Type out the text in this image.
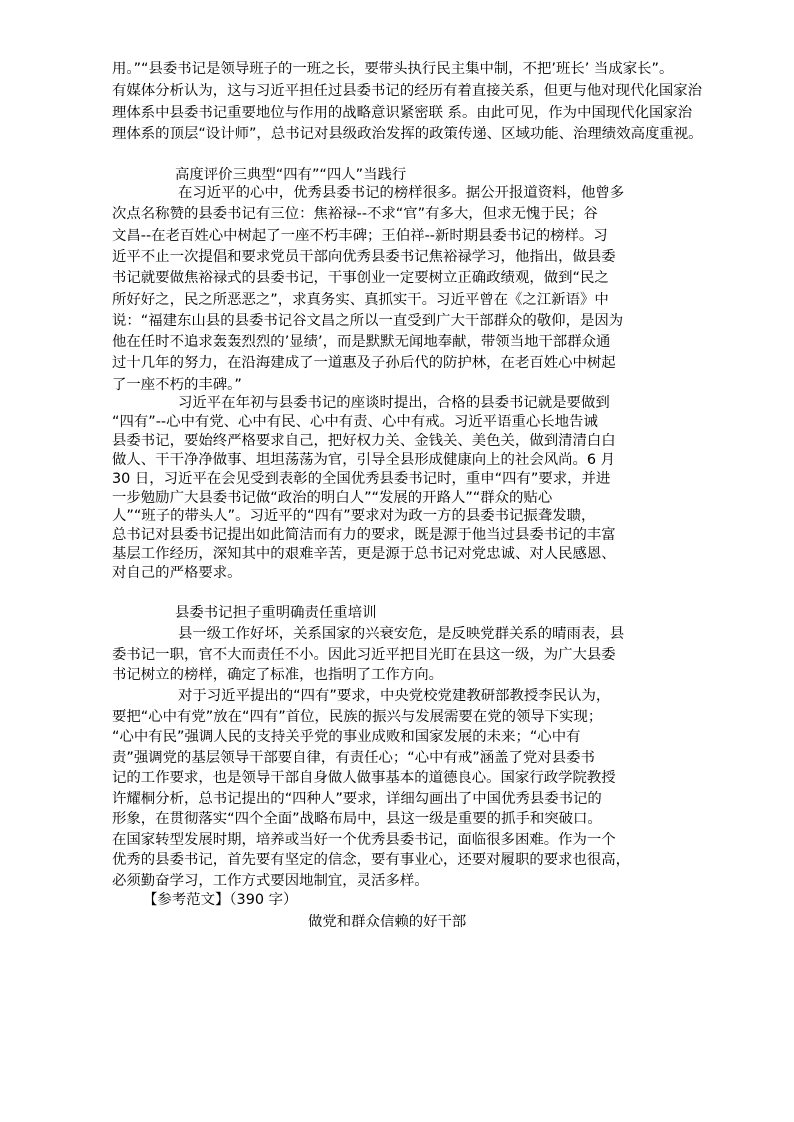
用。”“县委书记是领导班子的一班之长，要带头执行民主集中制，不把’班长’ 当成家长”。
有媒体分析认为，这与习近平担任过县委书记的经历有着直接关系，但更与他对现代化国家治
理体系中县委书记重要地位与作用的战略意识紧密联 系。由此可见，作为中国现代化国家治
理体系的顶层“设计师”，总书记对县级政治发挥的政策传递、区域功能、治理绩效高度重视。
高度评价三典型“四有”“四人”当践行
在习近平的心中，优秀县委书记的榜样很多。据公开报道资料，他曾多
次点名称赞的县委书记有三位：焦裕禄--不求“官”有多大，但求无愧于民；谷
文昌--在老百姓心中树起了一座不朽丰碑；王伯祥--新时期县委书记的榜样。习
近平不止一次提倡和要求党员干部向优秀县委书记焦裕禄学习，他指出，做县委
书记就要做焦裕禄式的县委书记，干事创业一定要树立正确政绩观，做到“民之
所好好之，民之所恶恶之”，求真务实、真抓实干。习近平曾在《之江新语》中
说：“福建东山县的县委书记谷文昌之所以一直受到广大干部群众的敬仰，是因为
他在任时不追求轰轰烈烈的’显绩’，而是默默无闻地奉献，带领当地干部群众通
过十几年的努力，在沿海建成了一道惠及子孙后代的防护林，在老百姓心中树起
了一座不朽的丰碑。”
习近平在年初与县委书记的座谈时提出，合格的县委书记就是要做到
“四有”--心中有党、心中有民、心中有责、心中有戒。习近平语重心长地告诫
县委书记，要始终严格要求自己，把好权力关、金钱关、美色关，做到清清白白
做人、干干净净做事、坦坦荡荡为官，引导全县形成健康向上的社会风尚。6 月
30 日，习近平在会见受到表彰的全国优秀县委书记时，重申“四有”要求，并进
一步勉励广大县委书记做“政治的明白人”“发展的开路人”“群众的贴心
人”“班子的带头人”。习近平的“四有”要求对为政一方的县委书记振聋发聩，
总书记对县委书记提出如此简洁而有力的要求，既是源于他当过县委书记的丰富
基层工作经历，深知其中的艰难辛苦，更是源于总书记对党忠诚、对人民感恩、
对自己的严格要求。
县委书记担子重明确责任重培训
县一级工作好坏，关系国家的兴衰安危，是反映党群关系的晴雨表，县
委书记一职，官不大而责任不小。因此习近平把目光盯在县这一级，为广大县委
书记树立的榜样，确定了标准，也指明了工作方向。
对于习近平提出的“四有”要求，中央党校党建教研部教授李民认为，
要把“心中有党”放在“四有”首位，民族的振兴与发展需要在党的领导下实现；
“心中有民”强调人民的支持关乎党的事业成败和国家发展的未来；“心中有
责”强调党的基层领导干部要自律，有责任心；“心中有戒”涵盖了党对县委书
记的工作要求，也是领导干部自身做人做事基本的道德良心。国家行政学院教授
许耀桐分析，总书记提出的“四种人”要求，详细勾画出了中国优秀县委书记的
形象，在贯彻落实“四个全面”战略布局中，县这一级是重要的抓手和突破口。
在国家转型发展时期，培养或当好一个优秀县委书记，面临很多困难。作为一个
优秀的县委书记，首先要有坚定的信念，要有事业心，还要对履职的要求也很高，
必须勤奋学习，工作方式要因地制宜，灵活多样。
【参考范文】（390 字）
做党和群众信赖的好干部
